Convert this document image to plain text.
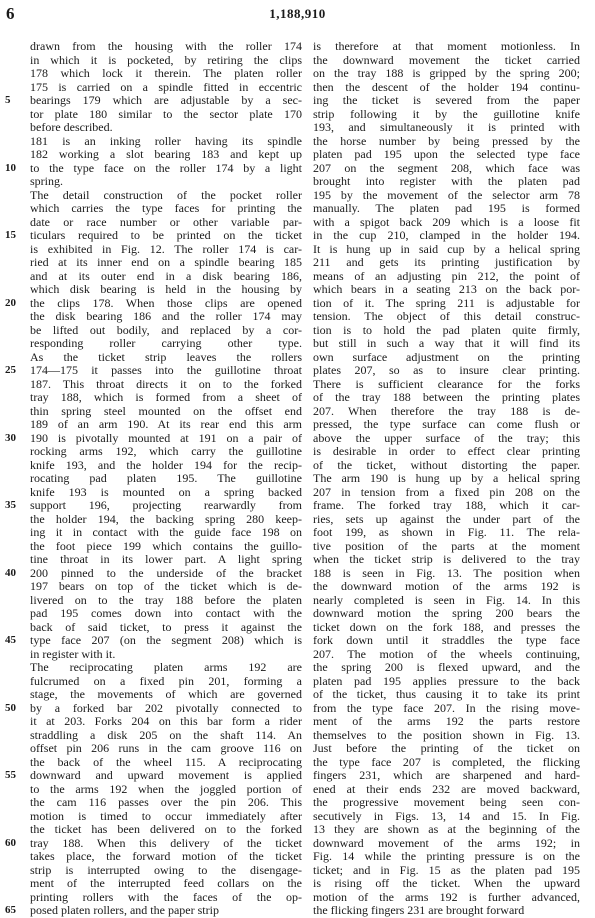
6	1,188,910
5
10
15
20
25
30
35
40
45
50
55
60
65
drawn from the housing with the roller 174
in which it is pocketed, by retiring the clips
178 which lock it therein. The platen roller
175 is carried on a spindle fitted in eccentric
bearings 179 which are adjustable by a sec-
tor plate 180 similar to the sector plate 170
before described.
181 is an inking roller having its spindle
182 working a slot bearing 183 and kept up
to the type face on the roller 174 by a light
spring.
The detail construction of the pocket roller
which carries the type faces for printing the
date or race number or other variable par-
ticulars required to be printed on the ticket
is exhibited in Fig. 12. The roller 174 is car-
ried at its inner end on a spindle bearing 185
and at its outer end in a disk bearing 186,
which disk bearing is held in the housing by
the clips 178. When those clips are opened
the disk bearing 186 and the roller 174 may
be lifted out bodily, and replaced by a cor-
responding roller carrying other type.
As the ticket strip leaves the rollers
174—175 it passes into the guillotine throat
187. This throat directs it on to the forked
tray 188, which is formed from a sheet of
thin spring steel mounted on the offset end
189 of an arm 190. At its rear end this arm
190 is pivotally mounted at 191 on a pair of
rocking arms 192, which carry the guillotine
knife 193, and the holder 194 for the recip-
rocating pad platen 195. The guillotine
knife 193 is mounted on a spring backed
support 196, projecting rearwardly from
the holder 194, the backing spring 280 keep-
ing it in contact with the guide face 198 on
the foot piece 199 which contains the guillo-
tine throat in its lower part. A light spring
200 pinned to the underside of the bracket
197 bears on top of the ticket which is de-
livered on to the tray 188 before the platen
pad 195 comes down into contact with the
back of said ticket, to press it against the
type face 207 (on the segment 208) which is
in register with it.
The reciprocating platen arms 192 are
fulcrumed on a fixed pin 201, forming a
stage, the movements of which are governed
by a forked bar 202 pivotally connected to
it at 203. Forks 204 on this bar form a rider
straddling a disk 205 on the shaft 114. An
offset pin 206 runs in the cam groove 116 on
the back of the wheel 115. A reciprocating
downward and upward movement is applied
to the arms 192 when the joggled portion of
the cam 116 passes over the pin 206. This
motion is timed to occur immediately after
the ticket has been delivered on to the forked
tray 188. When this delivery of the ticket
takes place, the forward motion of the ticket
strip is interrupted owing to the disengage-
ment of the interrupted feed collars on the
printing rollers with the faces of the op-
posed platen rollers, and the paper strip
is therefore at that moment motionless. In
the downward movement the ticket carried
on the tray 188 is gripped by the spring 200;
then the descent of the holder 194 continu-
ing the ticket is severed from the paper
strip following it by the guillotine knife
193, and simultaneously it is printed with
the horse number by being pressed by the
platen pad 195 upon the selected type face
207 on the segment 208, which face was
brought into register with the platen pad
195 by the movement of the selector arm 78
manually. The platen pad 195 is formed
with a spigot back 209 which is a loose fit
in the cup 210, clamped in the holder 194.
It is hung up in said cup by a helical spring
211 and gets its printing justification by
means of an adjusting pin 212, the point of
which bears in a seating 213 on the back por-
tion of it. The spring 211 is adjustable for
tension. The object of this detail construc-
tion is to hold the pad platen quite firmly,
but still in such a way that it will find its
own surface adjustment on the printing
plates 207, so as to insure clear printing.
There is sufficient clearance for the forks
of the tray 188 between the printing plates
207. When therefore the tray 188 is de-
pressed, the type surface can come flush or
above the upper surface of the tray; this
is desirable in order to effect clear printing
of the ticket, without distorting the paper.
The arm 190 is hung up by a helical spring
207 in tension from a fixed pin 208 on the
frame. The forked tray 188, which it car-
ries, sets up against the under part of the
foot 199, as shown in Fig. 11. The rela-
tive position of the parts at the moment
when the ticket strip is delivered to the tray
188 is seen in Fig. 13. The position when
the downward motion of the arms 192 is
nearly completed is seen in Fig. 14. In this
downward motion the spring 200 bears the
ticket down on the fork 188, and presses the
fork down until it straddles the type face
207. The motion of the wheels continuing,
the spring 200 is flexed upward, and the
platen pad 195 applies pressure to the back
of the ticket, thus causing it to take its print
from the type face 207. In the rising move-
ment of the arms 192 the parts restore
themselves to the position shown in Fig. 13.
Just before the printing of the ticket on
the type face 207 is completed, the flicking
fingers 231, which are sharpened and hard-
ened at their ends 232 are moved backward,
the progressive movement being seen con-
secutively in Figs. 13, 14 and 15. In Fig.
13 they are shown as at the beginning of the
downward movement of the arms 192; in
Fig. 14 while the printing pressure is on the
ticket; and in Fig. 15 as the platen pad 195
is rising off the ticket. When the upward
motion of the arms 192 is further advanced,
the flicking fingers 231 are brought forward
